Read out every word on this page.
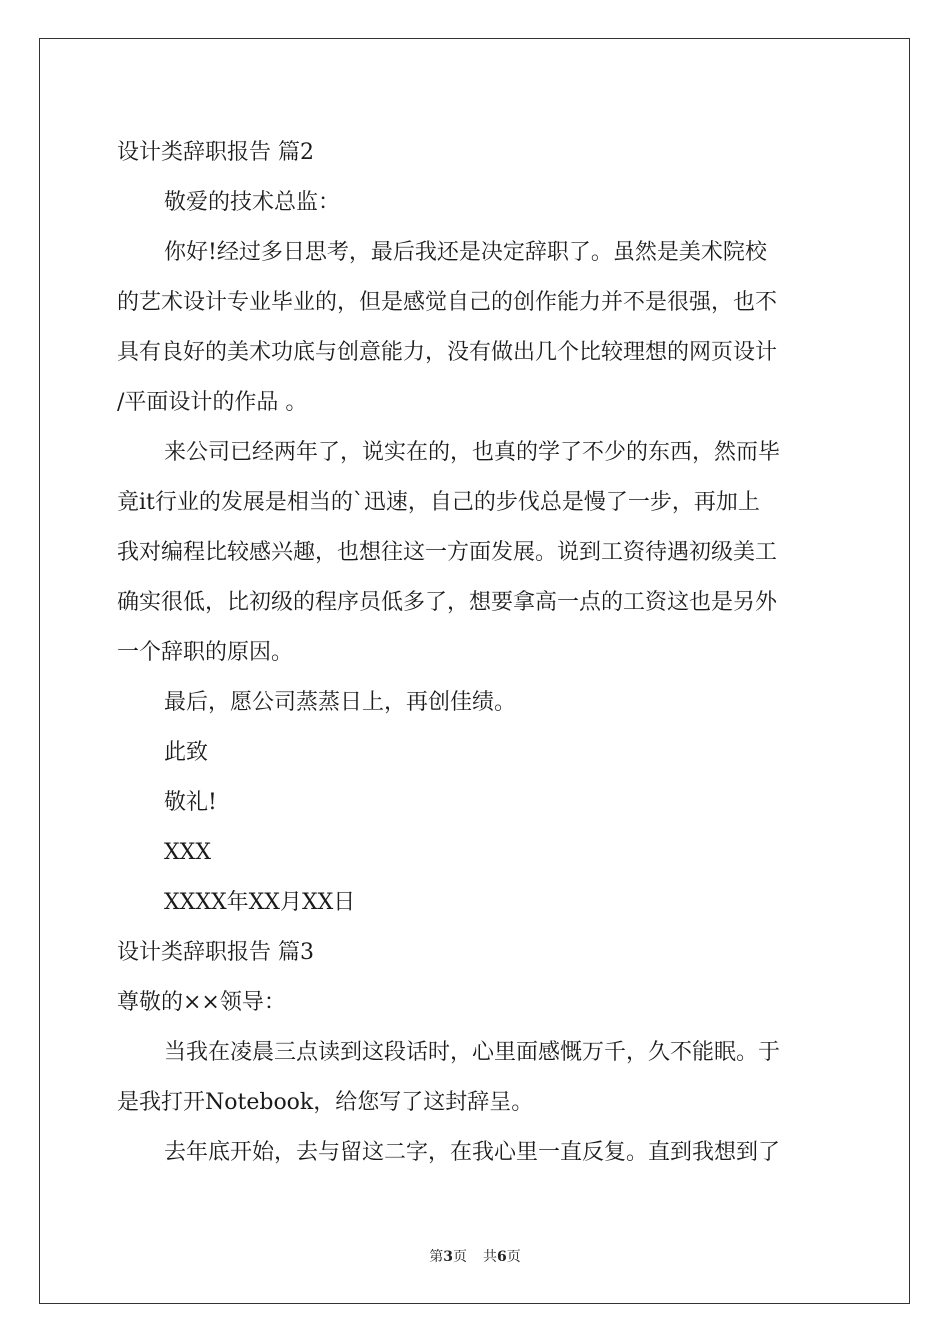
设计类辞职报告 篇2
敬爱的技术总监：
你好!经过多日思考，最后我还是决定辞职了。虽然是美术院校
的艺术设计专业毕业的，但是感觉自己的创作能力并不是很强，也不
具有良好的美术功底与创意能力，没有做出几个比较理想的网页设计
/平面设计的作品 。
来公司已经两年了，说实在的，也真的学了不少的东西，然而毕
竟it行业的发展是相当的`迅速，自己的步伐总是慢了一步，再加上
我对编程比较感兴趣，也想往这一方面发展。说到工资待遇初级美工
确实很低，比初级的程序员低多了，想要拿高一点的工资这也是另外
一个辞职的原因。
最后，愿公司蒸蒸日上，再创佳绩。
此致
敬礼!
XXX
XXXX年XX月XX日
设计类辞职报告 篇3
尊敬的××领导：
当我在凌晨三点读到这段话时，心里面感慨万千，久不能眠。于
是我打开Notebook，给您写了这封辞呈。
去年底开始，去与留这二字，在我心里一直反复。直到我想到了
第3页 共6页
